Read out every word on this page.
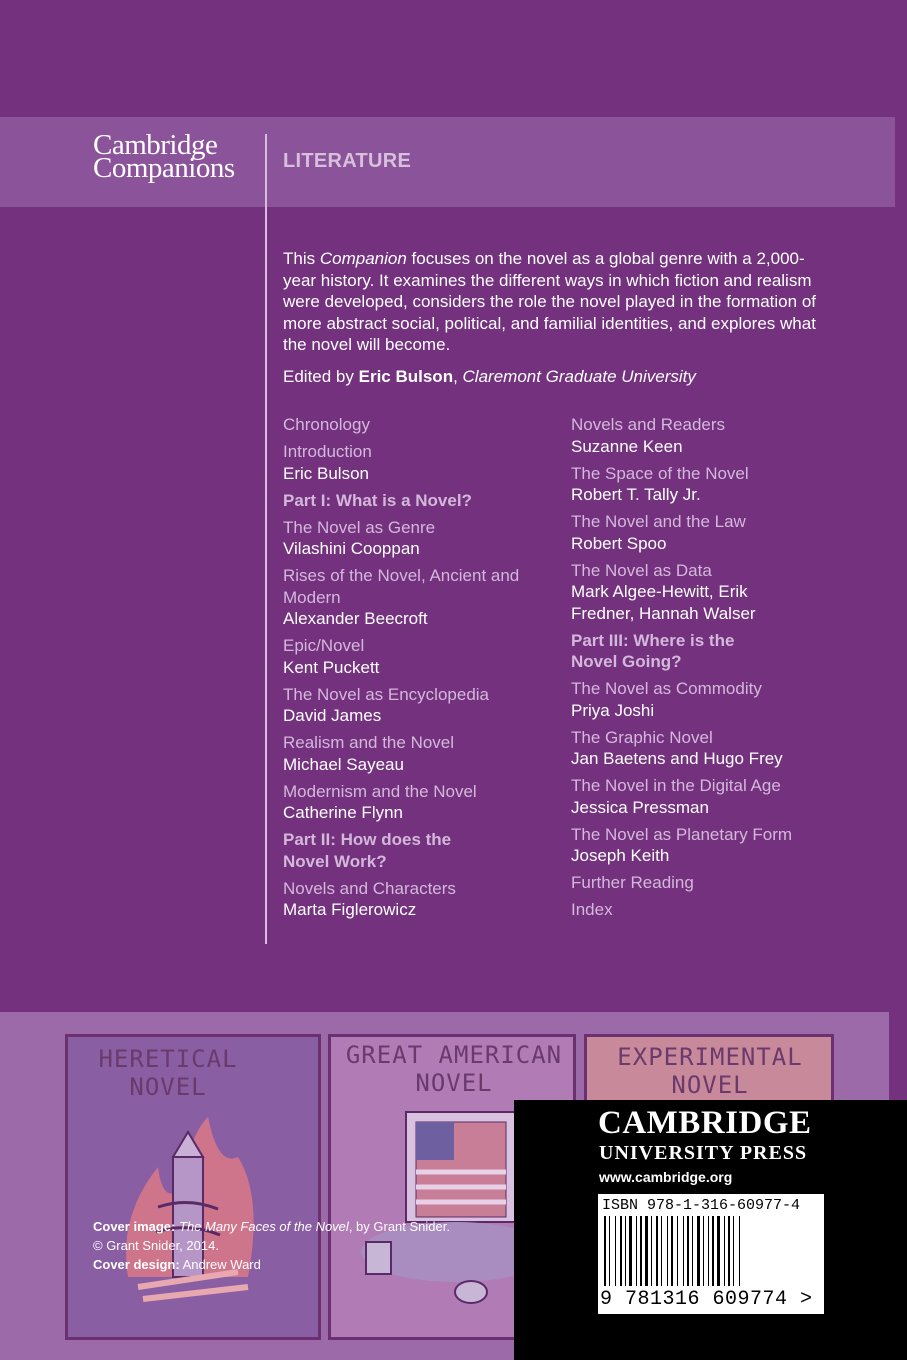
Cambridge
Companions LITERATURE
This Companion focuses on the novel as a global genre with a 2,000-year history. It examines the different ways in which fiction and realism were developed, considers the role the novel played in the formation of more abstract social, political, and familial identities, and explores what the novel will become.
Edited by Eric Bulson, Claremont Graduate University
Chronology
Introduction
Eric Bulson
Part I: What is a Novel?
The Novel as Genre
Vilashini Cooppan
Rises of the Novel, Ancient and Modern
Alexander Beecroft
Epic/Novel
Kent Puckett
The Novel as Encyclopedia
David James
Realism and the Novel
Michael Sayeau
Modernism and the Novel
Catherine Flynn
Part II: How does the Novel Work?
Novels and Characters
Marta Figlerowicz
Novels and Readers
Suzanne Keen
The Space of the Novel
Robert T. Tally Jr.
The Novel and the Law
Robert Spoo
The Novel as Data
Mark Algee-Hewitt, Erik Fredner, Hannah Walser
Part III: Where is the Novel Going?
The Novel as Commodity
Priya Joshi
The Graphic Novel
Jan Baetens and Hugo Frey
The Novel in the Digital Age
Jessica Pressman
The Novel as Planetary Form
Joseph Keith
Further Reading
Index
HERETICAL NOVEL
GREAT AMERICAN NOVEL
EXPERIMENTAL NOVEL
Cover image: The Many Faces of the Novel, by Grant Snider.
© Grant Snider, 2014.
Cover design: Andrew Ward
CAMBRIDGE
UNIVERSITY PRESS
www.cambridge.org
ISBN 978-1-316-60977-4
9 781316 609774 >
